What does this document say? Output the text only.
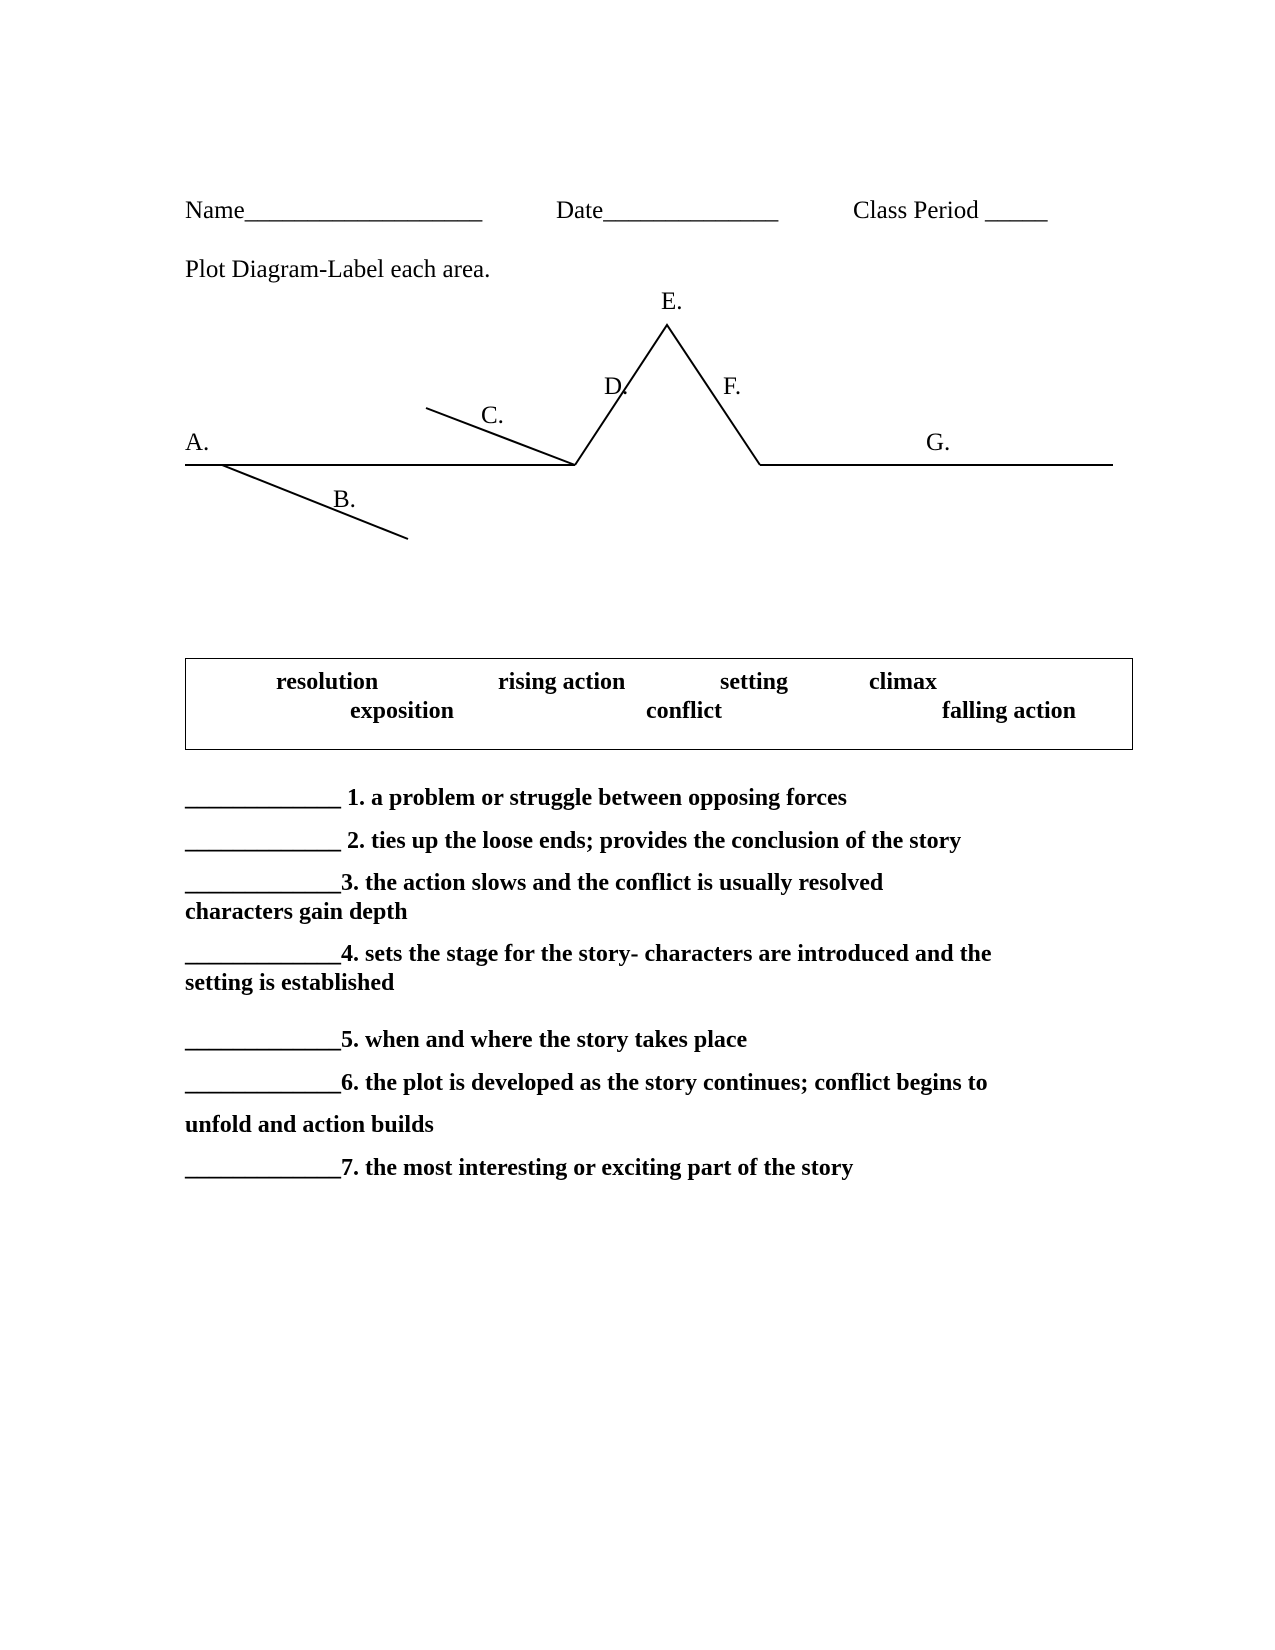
Name___________________	Date______________	Class Period _____
Plot Diagram-Label each area.
A.
B.
C.
D.
E.
F.
G.
resolution	rising action	setting	climax
exposition	conflict	falling action
_____________ 1. a problem or struggle between opposing forces
_____________ 2. ties up the loose ends; provides the conclusion of the story
_____________3. the action slows and the conflict is usually resolved
characters gain depth
_____________4. sets the stage for the story- characters are introduced and the
setting is established
_____________5. when and where the story takes place
_____________6. the plot is developed as the story continues; conflict begins to
unfold and action builds
_____________7. the most interesting or exciting part of the story
